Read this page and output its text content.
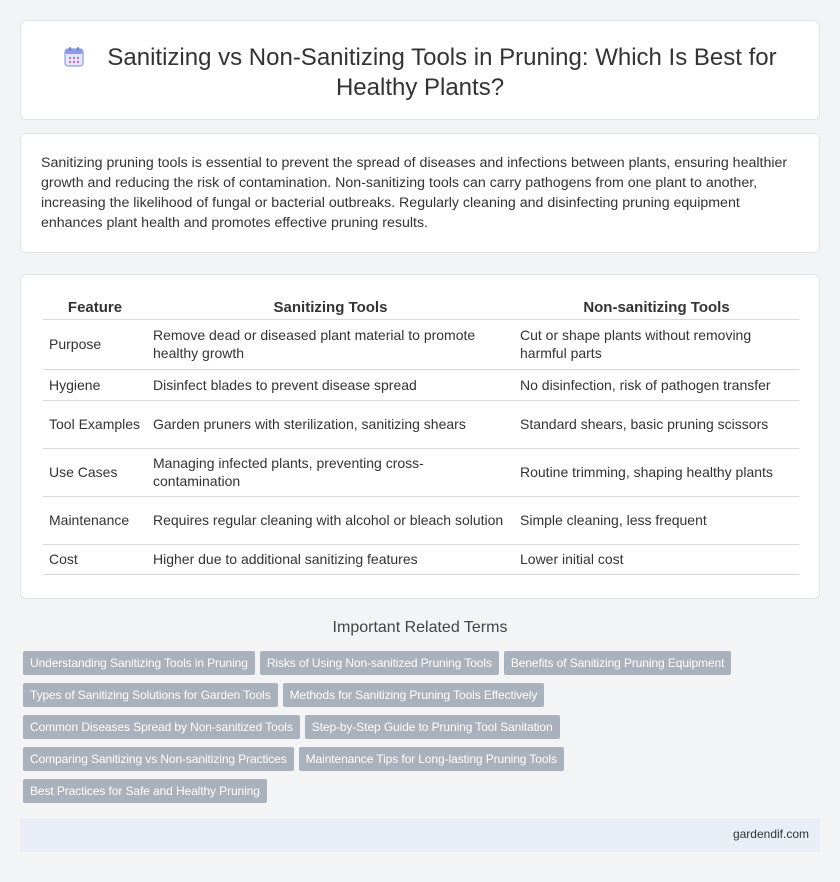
Sanitizing vs Non-Sanitizing Tools in Pruning: Which Is Best for Healthy Plants?

Sanitizing pruning tools is essential to prevent the spread of diseases and infections between plants, ensuring healthier growth and reducing the risk of contamination. Non-sanitizing tools can carry pathogens from one plant to another, increasing the likelihood of fungal or bacterial outbreaks. Regularly cleaning and disinfecting pruning equipment enhances plant health and promotes effective pruning results.

Feature	Sanitizing Tools	Non-sanitizing Tools
Purpose	Remove dead or diseased plant material to promote healthy growth	Cut or shape plants without removing harmful parts
Hygiene	Disinfect blades to prevent disease spread	No disinfection, risk of pathogen transfer
Tool Examples	Garden pruners with sterilization, sanitizing shears	Standard shears, basic pruning scissors
Use Cases	Managing infected plants, preventing cross-contamination	Routine trimming, shaping healthy plants
Maintenance	Requires regular cleaning with alcohol or bleach solution	Simple cleaning, less frequent
Cost	Higher due to additional sanitizing features	Lower initial cost
Important Related Terms
Understanding Sanitizing Tools in Pruning Risks of Using Non-sanitized Pruning Tools Benefits of Sanitizing Pruning Equipment
Types of Sanitizing Solutions for Garden Tools Methods for Sanitizing Pruning Tools Effectively
Common Diseases Spread by Non-sanitized Tools Step-by-Step Guide to Pruning Tool Sanitation
Comparing Sanitizing vs Non-sanitizing Practices Maintenance Tips for Long-lasting Pruning Tools
Best Practices for Safe and Healthy Pruning
gardendif.com
